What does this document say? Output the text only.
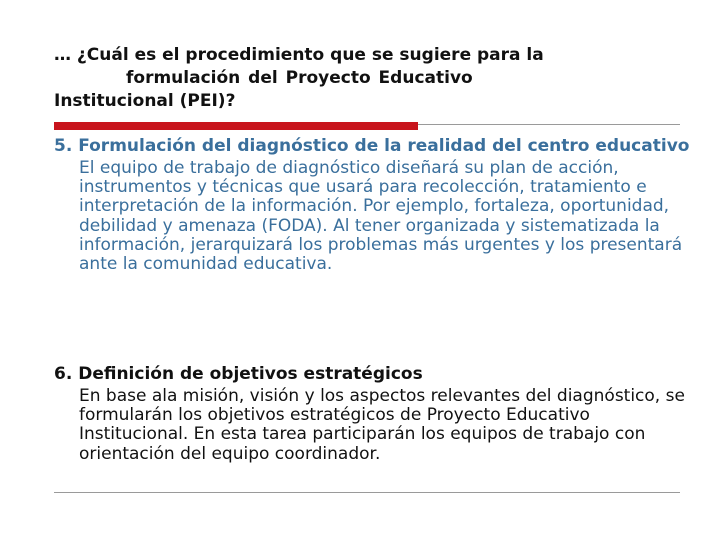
… ¿Cuál es el procedimiento que se sugiere para la
formulación del Proyecto Educativo
Institucional (PEI)?

5. Formulación del diagnóstico de la realidad del centro educativo

El equipo de trabajo de diagnóstico diseñará su plan de acción, instrumentos y técnicas que usará para recolección, tratamiento e interpretación de la información. Por ejemplo, fortaleza, oportunidad, debilidad y amenaza (FODA). Al tener organizada y sistematizada la información, jerarquizará los problemas más urgentes y los presentará ante la comunidad educativa.

6. Definición de objetivos estratégicos

En base ala misión, visión y los aspectos relevantes del diagnóstico, se formularán los objetivos estratégicos de Proyecto Educativo Institucional. En esta tarea participarán los equipos de trabajo con orientación del equipo coordinador.
